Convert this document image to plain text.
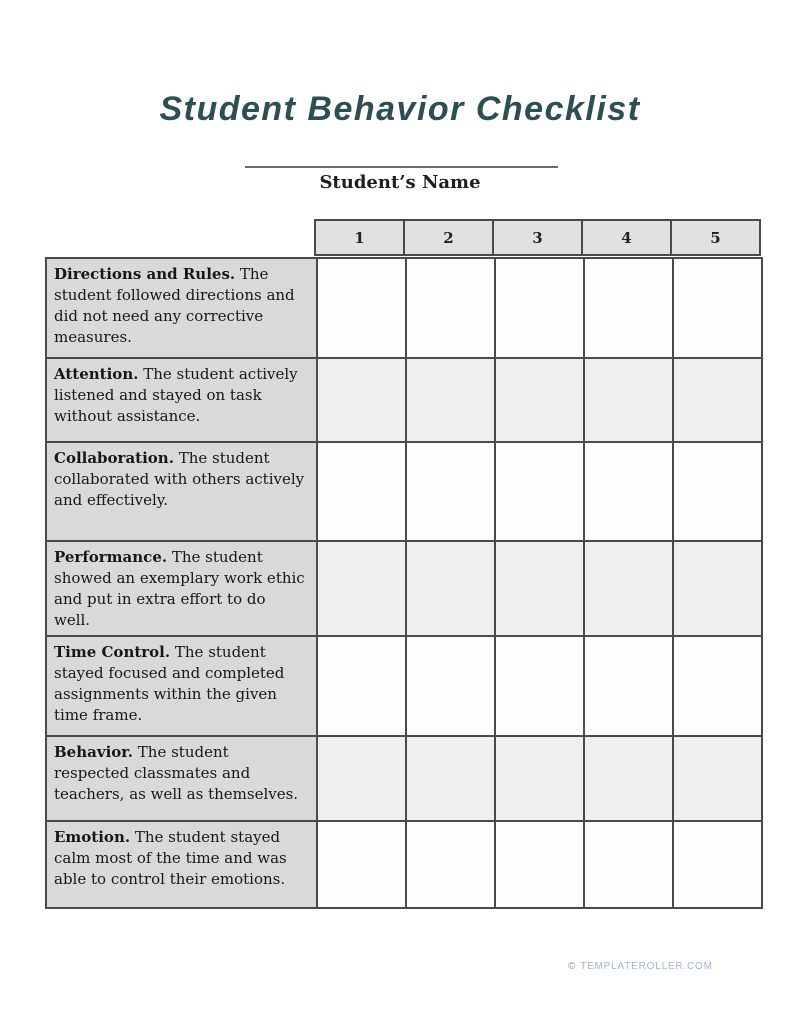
Student Behavior Checklist
Student’s Name
1	2	3	4	5
Directions and Rules. The student followed directions and did not need any corrective measures.					
Attention. The student actively listened and stayed on task without assistance.					
Collaboration. The student collaborated with others actively and effectively.					
Performance. The student showed an exemplary work ethic and put in extra effort to do well.					
Time Control. The student stayed focused and completed assignments within the given time frame.					
Behavior. The student respected classmates and teachers, as well as themselves.					
Emotion. The student stayed calm most of the time and was able to control their emotions.					
© TEMPLATEROLLER.COM
